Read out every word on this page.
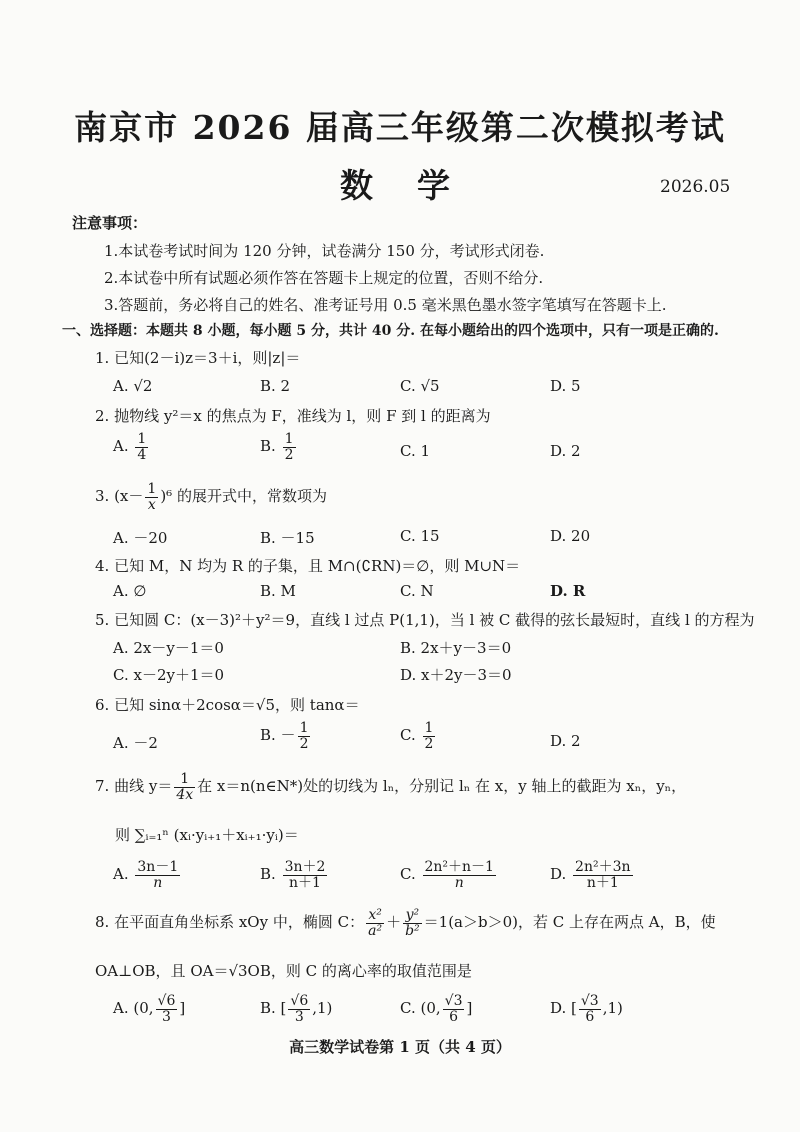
南京市 2026 届高三年级第二次模拟考试
数学	2026.05
注意事项：
1.本试卷考试时间为 120 分钟，试卷满分 150 分，考试形式闭卷.
2.本试卷中所有试题必须作答在答题卡上规定的位置，否则不给分.
3.答题前，务必将自己的姓名、准考证号用 0.5 毫米黑色墨水签字笔填写在答题卡上.
一、选择题：本题共 8 小题，每小题 5 分，共计 40 分. 在每小题给出的四个选项中，只有一项是正确的.
1. 已知(2－i)z＝3＋i，则|z|＝
A. √2	B. 2	C. √5	D. 5
2. 抛物线 y²＝x 的焦点为 F，准线为 l，则 F 到 l 的距离为
A. $\frac{1}{4}$	B. $\frac{1}{2}$	C. 1	D. 2
3. $(x- \frac{1}{x} )^6$ 的展开式中，常数项为
A. －20	B. －15	C. 15	D. 20
4. 已知 M，N 均为 R 的子集，且 M∩(∁RN)＝∅，则 M∪N＝
A. ∅	B. M	C. N	D. R
5. 已知圆 C：(x－3)²＋y²＝9，直线 l 过点 P(1,1)，当 l 被 C 截得的弦长最短时，直线 l 的方程为
A. 2x－y－1＝0	B. 2x＋y－3＝0
C. x－2y＋1＝0	D. x＋2y－3＝0
6. 已知 sinα＋2cosα＝√5，则 tanα＝
A. －2	B. － $\frac{1}{2}$	C. $\frac{1}{2}$	D. 2
7. 曲线 $y= \frac{1}{4x}$ 在 x＝n(n∈N*)处的切线为 lₙ，分别记 lₙ 在 x，y 轴上的截距为 xₙ，yₙ，
则 ∑ᵢ₌₁ⁿ (xᵢ·yᵢ₊₁＋xᵢ₊₁·yᵢ)＝
A. $\frac{3n-1}{n}$	B. $\frac{3n+2}{n+1}$	C. $\frac{\text{2n²＋n－1}}{n}$	D. $\frac{\text{2n²＋3n}}{n+1}$
8. 在平面直角坐标系 xOy 中，椭圆 C： $\frac{\text{x²}}{\text{a²}} + \frac{\text{y²}}{\text{b²}} =1(a>b>0)$，若 C 上存在两点 A，B，使
OA⊥OB，且 OA＝√3OB，则 C 的离心率的取值范围是
A. (0, $\frac{√6}{3}$ ]	B. [ $\frac{√6}{3} ,1$)	C. (0, $\frac{√3}{6}$ ]	D. [ $\frac{√3}{6} ,1$)
高三数学试卷第 1 页（共 4 页）
